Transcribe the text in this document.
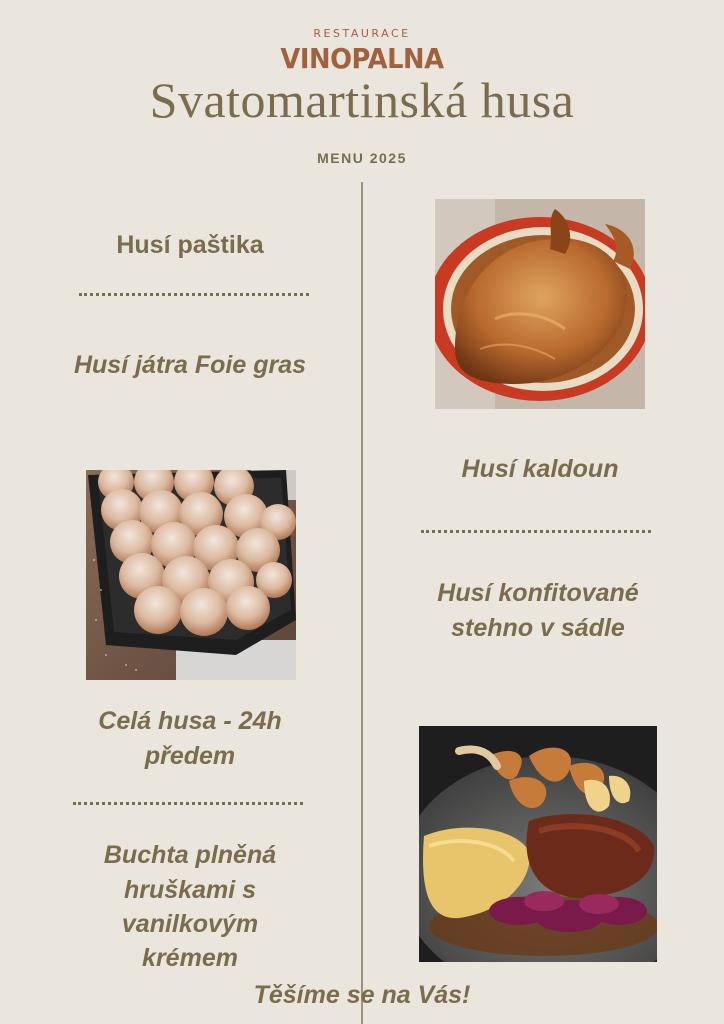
RESTAURACE
VINOPALNA
Svatomartinská husa
MENU 2025
Husí paštika
Husí játra Foie gras
Celá husa - 24h
předem
Buchta plněná
hruškami s
vanilkovým
krémem
Husí kaldoun
Husí konfitované
stehno v sádle
Těšíme se na Vás!
